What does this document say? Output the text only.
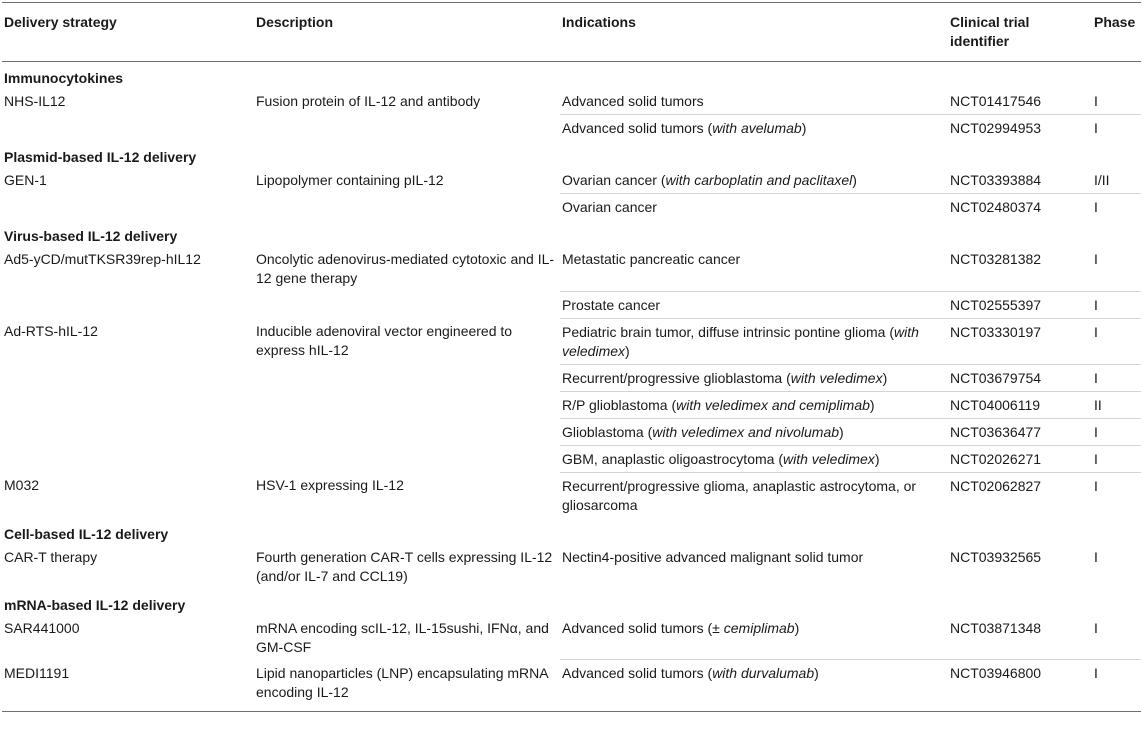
Delivery strategy	Description	Indications	Clinical trial identifier	Phase
Immunocytokines				
NHS-IL12	Fusion protein of IL-12 and antibody	Advanced solid tumors	NCT01417546	I
		Advanced solid tumors (with avelumab)	NCT02994953	I
Plasmid-based IL-12 delivery				
GEN-1	Lipopolymer containing pIL-12	Ovarian cancer (with carboplatin and paclitaxel)	NCT03393884	I/II
		Ovarian cancer	NCT02480374	I
Virus-based IL-12 delivery				
Ad5-yCD/mutTKSR39rep-hIL12	Oncolytic adenovirus-mediated cytotoxic and IL-12 gene therapy	Metastatic pancreatic cancer	NCT03281382	I
		Prostate cancer	NCT02555397	I
Ad-RTS-hIL-12	Inducible adenoviral vector engineered to express hIL-12	Pediatric brain tumor, diffuse intrinsic pontine glioma (with veledimex)	NCT03330197	I
		Recurrent/progressive glioblastoma (with veledimex)	NCT03679754	I
		R/P glioblastoma (with veledimex and cemiplimab)	NCT04006119	II
		Glioblastoma (with veledimex and nivolumab)	NCT03636477	I
		GBM, anaplastic oligoastrocytoma (with veledimex)	NCT02026271	I
M032	HSV-1 expressing IL-12	Recurrent/progressive glioma, anaplastic astrocytoma, or gliosarcoma	NCT02062827	I
Cell-based IL-12 delivery				
CAR-T therapy	Fourth generation CAR-T cells expressing IL-12 (and/or IL-7 and CCL19)	Nectin4-positive advanced malignant solid tumor	NCT03932565	I
mRNA-based IL-12 delivery				
SAR441000	mRNA encoding scIL-12, IL-15sushi, IFNα, and GM-CSF	Advanced solid tumors (± cemiplimab)	NCT03871348	I
MEDI1191	Lipid nanoparticles (LNP) encapsulating mRNA encoding IL-12	Advanced solid tumors (with durvalumab)	NCT03946800	I
